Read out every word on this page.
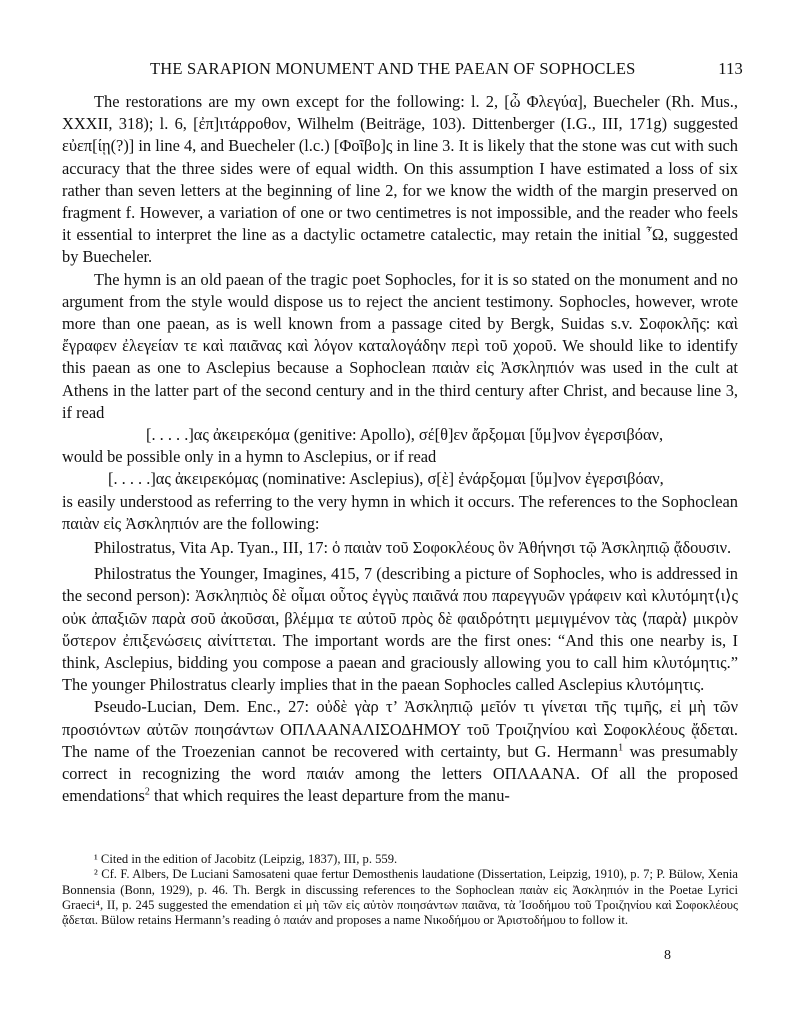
THE SARAPION MONUMENT AND THE PAEAN OF SOPHOCLES	113

The restorations are my own except for the following: l. 2, [ὦ Φλεγύα], Buecheler (Rh. Mus., XXXII, 318); l. 6, [ἐπ]ιτάρροθον, Wilhelm (Beiträge, 103). Dittenberger (I.G., III, 171g) suggested εὐεπ[ίῃ(?)] in line 4, and Buecheler (l.c.) [Φοῖβο]ς in line 3. It is likely that the stone was cut with such accuracy that the three sides were of equal width. On this assumption I have estimated a loss of six rather than seven letters at the beginning of line 2, for we know the width of the margin preserved on fragment f. However, a variation of one or two centimetres is not impossible, and the reader who feels it essential to interpret the line as a dactylic octametre catalectic, may retain the initial ῏Ω, suggested by Buecheler.

The hymn is an old paean of the tragic poet Sophocles, for it is so stated on the monument and no argument from the style would dispose us to reject the ancient testimony. Sophocles, however, wrote more than one paean, as is well known from a passage cited by Bergk, Suidas s.v. Σοφοκλῆς: καὶ ἔγραφεν ἐλεγείαν τε καὶ παιᾶνας καὶ λόγον καταλογάδην περὶ τοῦ χοροῦ. We should like to identify this paean as one to Asclepius because a Sophoclean παιὰν εἰς Ἀσκληπιόν was used in the cult at Athens in the latter part of the second century and in the third century after Christ, and because line 3, if read

[. . . . .]ας ἀκειρεκόμα (genitive: Apollo), σέ[θ]εν ἄρξομαι [ὕμ]νον ἐγερσιβόαν,

would be possible only in a hymn to Asclepius, or if read

[. . . . .]ας ἀκειρεκόμας (nominative: Asclepius), σ[ὲ] ἐνάρξομαι [ὕμ]νον ἐγερσιβόαν,

is easily understood as referring to the very hymn in which it occurs. The references to the Sophoclean παιὰν εἰς Ἀσκληπιόν are the following:

Philostratus, Vita Ap. Tyan., III, 17: ὁ παιὰν τοῦ Σοφοκλέους ὃν Ἀθήνησι τῷ Ἀσκληπιῷ ᾄδουσιν.

Philostratus the Younger, Imagines, 415, 7 (describing a picture of Sophocles, who is addressed in the second person): Ἀσκληπιὸς δὲ οἶμαι οὗτος ἐγγὺς παιᾶνά που παρεγγυῶν γράφειν καὶ κλυτόμητ⟨ι⟩ς οὐκ ἀπαξιῶν παρὰ σοῦ ἀκοῦσαι, βλέμμα τε αὐτοῦ πρὸς δὲ φαιδρότητι μεμιγμένον τὰς ⟨παρὰ⟩ μικρὸν ὕστερον ἐπιξενώσεις αἰνίττεται. The important words are the first ones: “And this one nearby is, I think, Asclepius, bidding you compose a paean and graciously allowing you to call him κλυτόμητις.” The younger Philostratus clearly implies that in the paean Sophocles called Asclepius κλυτόμητις.

Pseudo-Lucian, Dem. Enc., 27: οὐδὲ γὰρ τ’ Ἀσκληπιῷ μεῖόν τι γίνεται τῆς τιμῆς, εἰ μὴ τῶν προσιόντων αὐτῶν ποιησάντων ΟΠΛΑΑΝΑΛΙΣΟΔΗΜΟΥ τοῦ Τροιζηνίου καὶ Σοφοκλέους ᾄδεται. The name of the Troezenian cannot be recovered with certainty, but G. Hermann$^1$ was presumably correct in recognizing the word παιάν among the letters ΟΠΛΑΑΝΑ. Of all the proposed emendations$^2$ that which requires the least departure from the manu-

¹ Cited in the edition of Jacobitz (Leipzig, 1837), III, p. 559.

² Cf. F. Albers, De Luciani Samosateni quae fertur Demosthenis laudatione (Dissertation, Leipzig, 1910), p. 7; P. Bülow, Xenia Bonnensia (Bonn, 1929), p. 46. Th. Bergk in discussing references to the Sophoclean παιὰν εἰς Ἀσκληπιόν in the Poetae Lyrici Graeci⁴, II, p. 245 suggested the emendation εἰ μὴ τῶν εἰς αὐτὸν ποιησάντων παιᾶνα, τὰ Ἰσοδήμου τοῦ Τροιζηνίου καὶ Σοφοκλέους ᾄδεται. Bülow retains Hermann’s reading ὁ παιάν and proposes a name Νικοδήμου or Ἀριστοδήμου to follow it.

8
